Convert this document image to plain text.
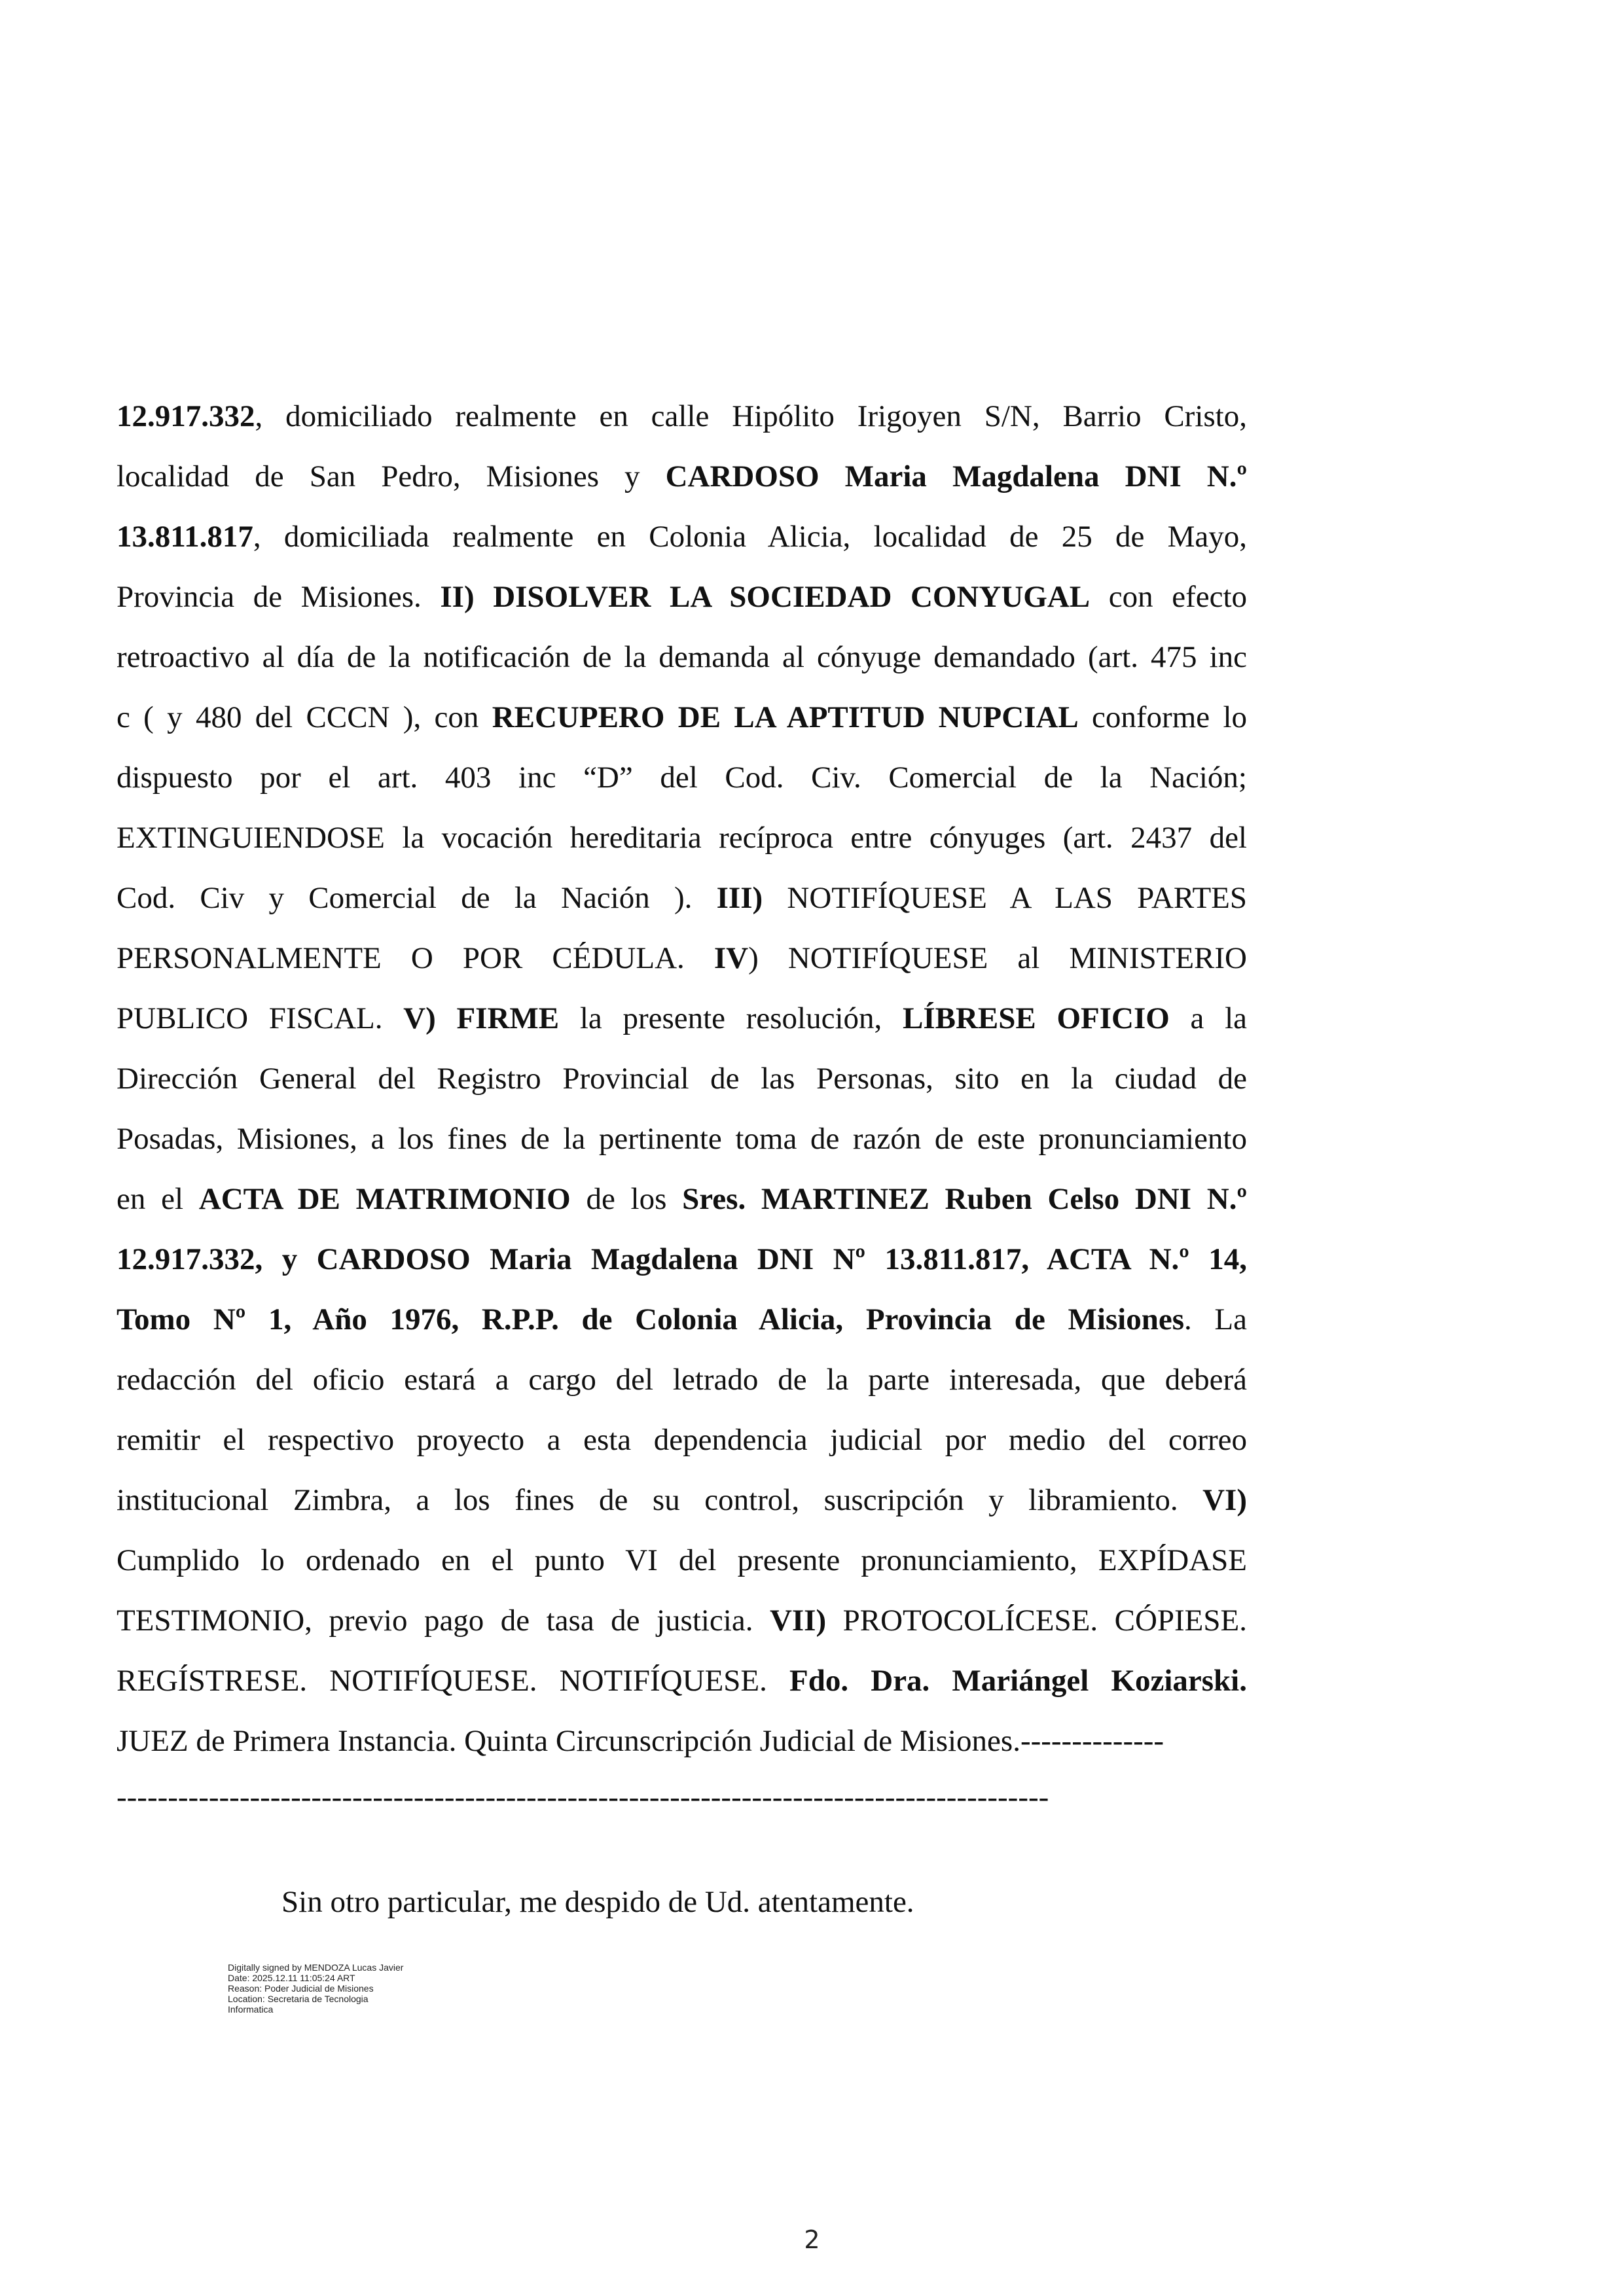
12.917.332, domiciliado realmente en calle Hipólito Irigoyen S/N, Barrio Cristo,
localidad de San Pedro, Misiones y CARDOSO Maria Magdalena DNI N.º
13.811.817, domiciliada realmente en Colonia Alicia, localidad de 25 de Mayo,
Provincia de Misiones. II) DISOLVER LA SOCIEDAD CONYUGAL con efecto
retroactivo al día de la notificación de la demanda al cónyuge demandado (art. 475 inc
c ( y 480 del CCCN ), con RECUPERO DE LA APTITUD NUPCIAL conforme lo
dispuesto por el art. 403 inc “D” del Cod. Civ. Comercial de la Nación;
EXTINGUIENDOSE la vocación hereditaria recíproca entre cónyuges (art. 2437 del
Cod. Civ y Comercial de la Nación ). III) NOTIFÍQUESE A LAS PARTES
PERSONALMENTE O POR CÉDULA. IV) NOTIFÍQUESE al MINISTERIO
PUBLICO FISCAL. V) FIRME la presente resolución, LÍBRESE OFICIO a la
Dirección General del Registro Provincial de las Personas, sito en la ciudad de
Posadas, Misiones, a los fines de la pertinente toma de razón de este pronunciamiento
en el ACTA DE MATRIMONIO de los Sres. MARTINEZ Ruben Celso DNI N.º
12.917.332, y CARDOSO Maria Magdalena DNI Nº 13.811.817, ACTA N.º 14,
Tomo Nº 1, Año 1976, R.P.P. de Colonia Alicia, Provincia de Misiones. La
redacción del oficio estará a cargo del letrado de la parte interesada, que deberá
remitir el respectivo proyecto a esta dependencia judicial por medio del correo
institucional Zimbra, a los fines de su control, suscripción y libramiento. VI)
Cumplido lo ordenado en el punto VI del presente pronunciamiento, EXPÍDASE
TESTIMONIO, previo pago de tasa de justicia. VII) PROTOCOLÍCESE. CÓPIESE.
REGÍSTRESE. NOTIFÍQUESE. NOTIFÍQUESE. Fdo. Dra. Mariángel Koziarski.
JUEZ de Primera Instancia. Quinta Circunscripción Judicial de Misiones.--------------
-------------------------------------------------------------------------------------------
Sin otro particular, me despido de Ud. atentamente.
Digitally signed by MENDOZA Lucas Javier
Date: 2025.12.11 11:05:24 ART
Reason: Poder Judicial de Misiones
Location: Secretaria de Tecnologia
Informatica
2
